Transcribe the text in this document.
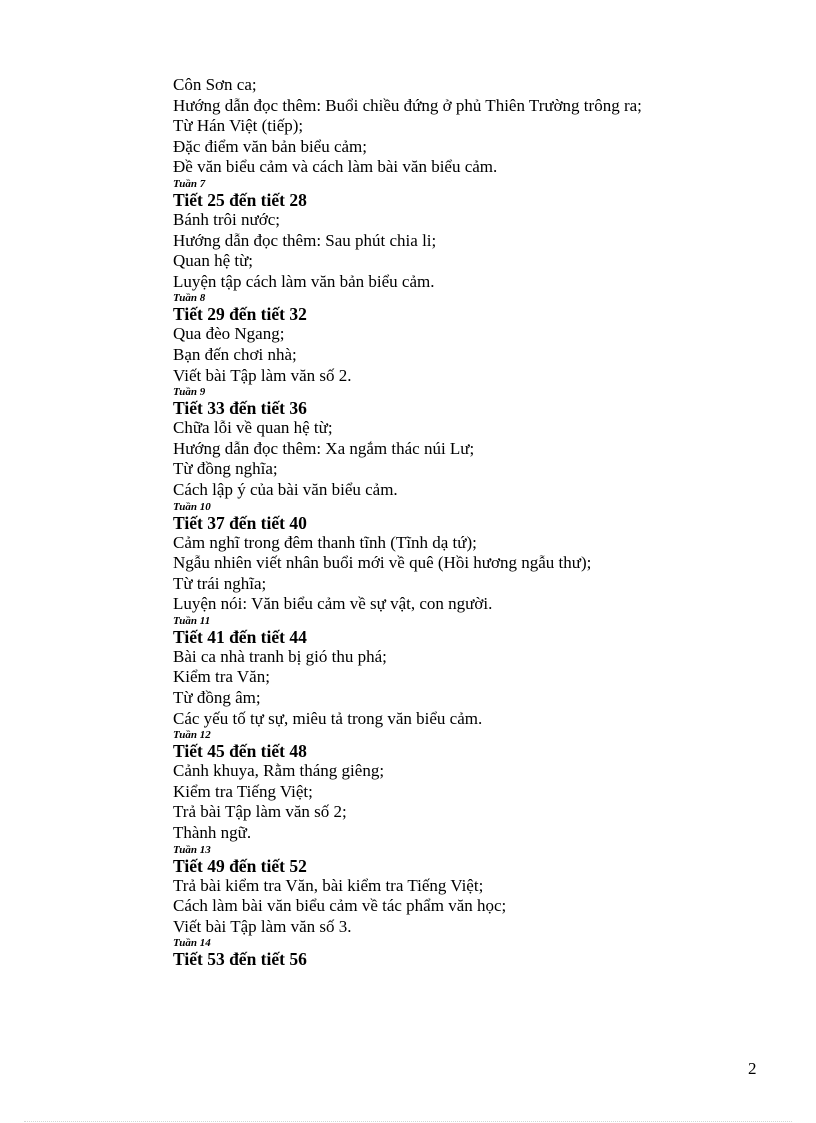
Côn Sơn ca;
Hướng dẫn đọc thêm: Buổi chiều đứng ở phủ Thiên Trường trông ra;
Từ Hán Việt (tiếp);
Đặc điểm văn bản biểu cảm;
Đề văn biểu cảm và cách làm bài văn biểu cảm.
Tuần 7
Tiết 25 đến tiết 28
Bánh trôi nước;
Hướng dẫn đọc thêm: Sau phút chia li;
Quan hệ từ;
Luyện tập cách làm văn bản biểu cảm.
Tuần 8
Tiết 29 đến tiết 32
Qua đèo Ngang;
Bạn đến chơi nhà;
Viết bài Tập làm văn số 2.
Tuần 9
Tiết 33 đến tiết 36
Chữa lỗi về quan hệ từ;
Hướng dẫn đọc thêm: Xa ngắm thác núi Lư;
Từ đồng nghĩa;
Cách lập ý của bài văn biểu cảm.
Tuần 10
Tiết 37 đến tiết 40
Cảm nghĩ trong đêm thanh tĩnh (Tĩnh dạ tứ);
Ngẫu nhiên viết nhân buổi mới về quê (Hồi hương ngẫu thư);
Từ trái nghĩa;
Luyện nói: Văn biểu cảm về sự vật, con người.
Tuần 11
Tiết 41 đến tiết 44
Bài ca nhà tranh bị gió thu phá;
Kiểm tra Văn;
Từ đồng âm;
Các yếu tố tự sự, miêu tả trong văn biểu cảm.
Tuần 12
Tiết 45 đến tiết 48
Cảnh khuya, Rằm tháng giêng;
Kiểm tra Tiếng Việt;
Trả bài Tập làm văn số 2;
Thành ngữ.
Tuần 13
Tiết 49 đến tiết 52
Trả bài kiểm tra Văn, bài kiểm tra Tiếng Việt;
Cách làm bài văn biểu cảm về tác phẩm văn học;
Viết bài Tập làm văn số 3.
Tuần 14
Tiết 53 đến tiết 56
2
